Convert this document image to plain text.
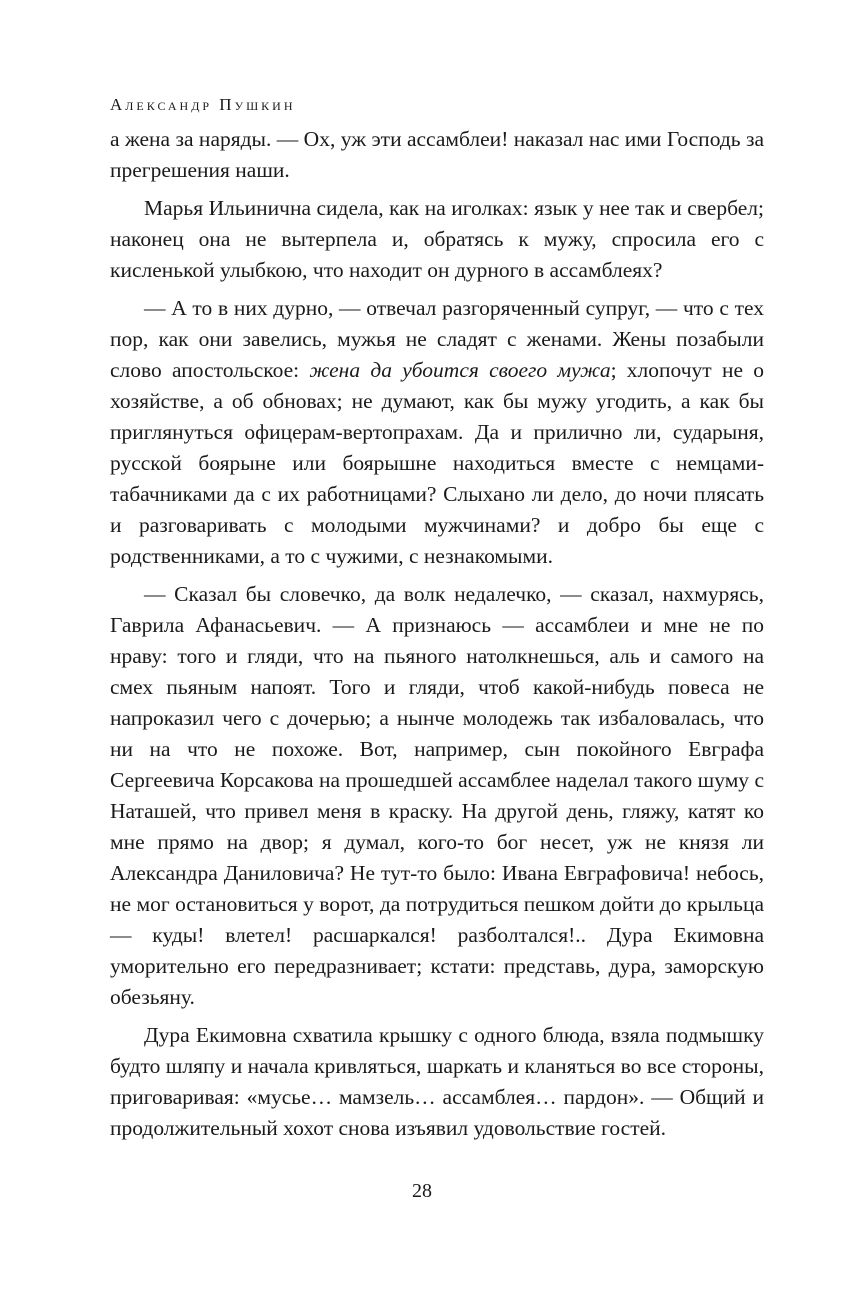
Александр Пушкин

а жена за наряды. — Ох, уж эти ассамблеи! наказал нас ими Господь за прегрешения наши.

Марья Ильинична сидела, как на иголках: язык у нее так и свербел; наконец она не вытерпела и, обратясь к мужу, спросила его с кисленькой улыбкою, что находит он дурного в ассамблеях?

— А то в них дурно, — отвечал разгоряченный супруг, — что с тех пор, как они завелись, мужья не сладят с женами. Жены позабыли слово апостольское: жена да убоится своего мужа; хлопочут не о хозяйстве, а об обновах; не думают, как бы мужу угодить, а как бы приглянуться офицерам-вертопрахам. Да и прилично ли, сударыня, русской боярыне или боярышне находиться вместе с немцами-табачниками да с их работницами? Слыхано ли дело, до ночи плясать и разговаривать с молодыми мужчинами? и добро бы еще с родственниками, а то с чужими, с незнакомыми.

— Сказал бы словечко, да волк недалечко, — сказал, нахмурясь, Гаврила Афанасьевич. — А признаюсь — ассамблеи и мне не по нраву: того и гляди, что на пьяного натолкнешься, аль и самого на смех пьяным напоят. Того и гляди, чтоб какой-нибудь повеса не напроказил чего с дочерью; а нынче молодежь так избаловалась, что ни на что не похоже. Вот, например, сын покойного Евграфа Сергеевича Корсакова на прошедшей ассамблее наделал такого шуму с Наташей, что привел меня в краску. На другой день, гляжу, катят ко мне прямо на двор; я думал, кого-то бог несет, уж не князя ли Александра Даниловича? Не тут-то было: Ивана Евграфовича! небось, не мог остановиться у ворот, да потрудиться пешком дойти до крыльца — куды! влетел! расшаркался! разболтался!.. Дура Екимовна уморительно его передразнивает; кстати: представь, дура, заморскую обезьяну.

Дура Екимовна схватила крышку с одного блюда, взяла подмышку будто шляпу и начала кривляться, шаркать и кланяться во все стороны, приговаривая: «мусье… мамзель… ассамблея… пардон». — Общий и продолжительный хохот снова изъявил удовольствие гостей.

28
